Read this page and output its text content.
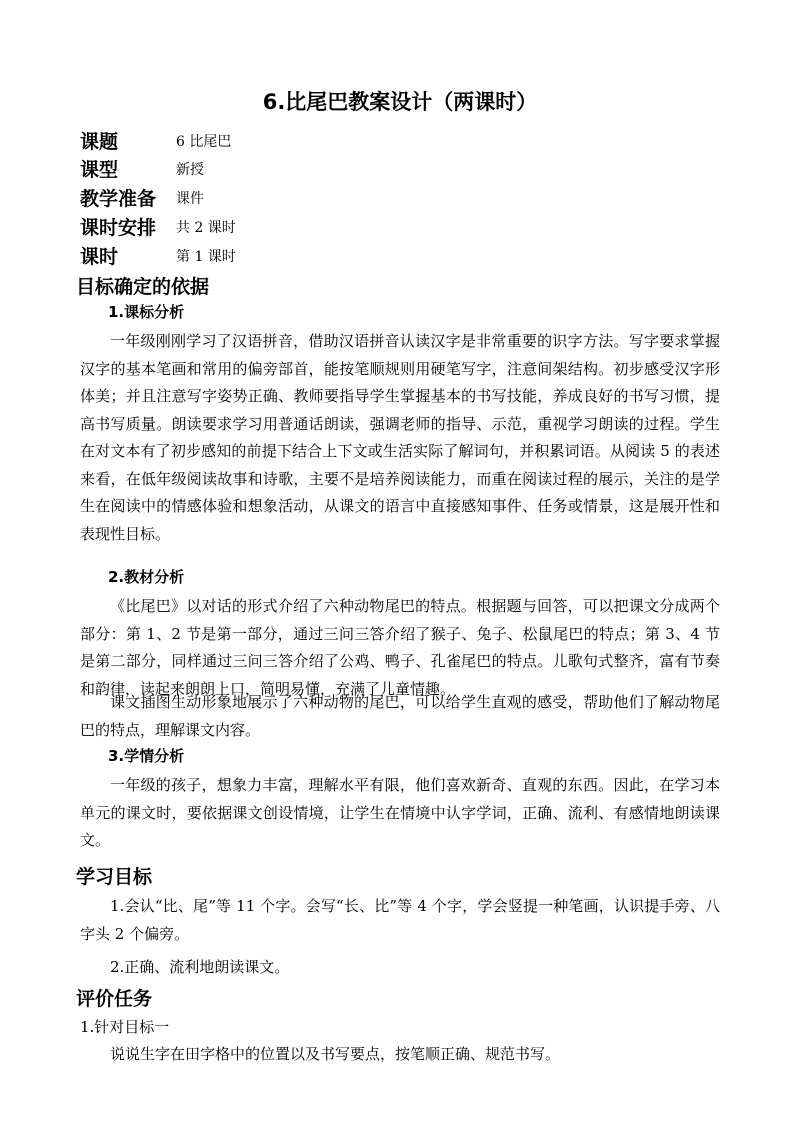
6.比尾巴教案设计（两课时）
课题	6 比尾巴
课型	新授
教学准备 课件
课时安排 共 2 课时
课时	第 1 课时
目标确定的依据
1.课标分析

一年级刚刚学习了汉语拼音，借助汉语拼音认读汉字是非常重要的识字方法。写字要求掌握汉字的基本笔画和常用的偏旁部首，能按笔顺规则用硬笔写字，注意间架结构。初步感受汉字形体美；并且注意写字姿势正确、教师要指导学生掌握基本的书写技能，养成良好的书写习惯，提高书写质量。朗读要求学习用普通话朗读，强调老师的指导、示范，重视学习朗读的过程。学生在对文本有了初步感知的前提下结合上下文或生活实际了解词句，并积累词语。从阅读 5 的表述来看，在低年级阅读故事和诗歌，主要不是培养阅读能力，而重在阅读过程的展示，关注的是学生在阅读中的情感体验和想象活动，从课文的语言中直接感知事件、任务或情景，这是展开性和表现性目标。

2.教材分析

《比尾巴》以对话的形式介绍了六种动物尾巴的特点。根据题与回答，可以把课文分成两个部分：第 1、2 节是第一部分，通过三问三答介绍了猴子、兔子、松鼠尾巴的特点；第 3、4 节是第二部分，同样通过三问三答介绍了公鸡、鸭子、孔雀尾巴的特点。儿歌句式整齐，富有节奏和韵律，读起来朗朗上口，简明易懂，充满了儿童情趣。

课文插图生动形象地展示了六种动物的尾巴，可以给学生直观的感受，帮助他们了解动物尾巴的特点，理解课文内容。

3.学情分析

一年级的孩子，想象力丰富，理解水平有限，他们喜欢新奇、直观的东西。因此，在学习本单元的课文时，要依据课文创设情境，让学生在情境中认字学词，正确、流利、有感情地朗读课文。

学习目标

1.会认“比、尾”等 11 个字。会写“长、比”等 4 个字，学会竖提一种笔画，认识提手旁、八字头 2 个偏旁。

2.正确、流利地朗读课文。

评价任务
1.针对目标一
说说生字在田字格中的位置以及书写要点，按笔顺正确、规范书写。
